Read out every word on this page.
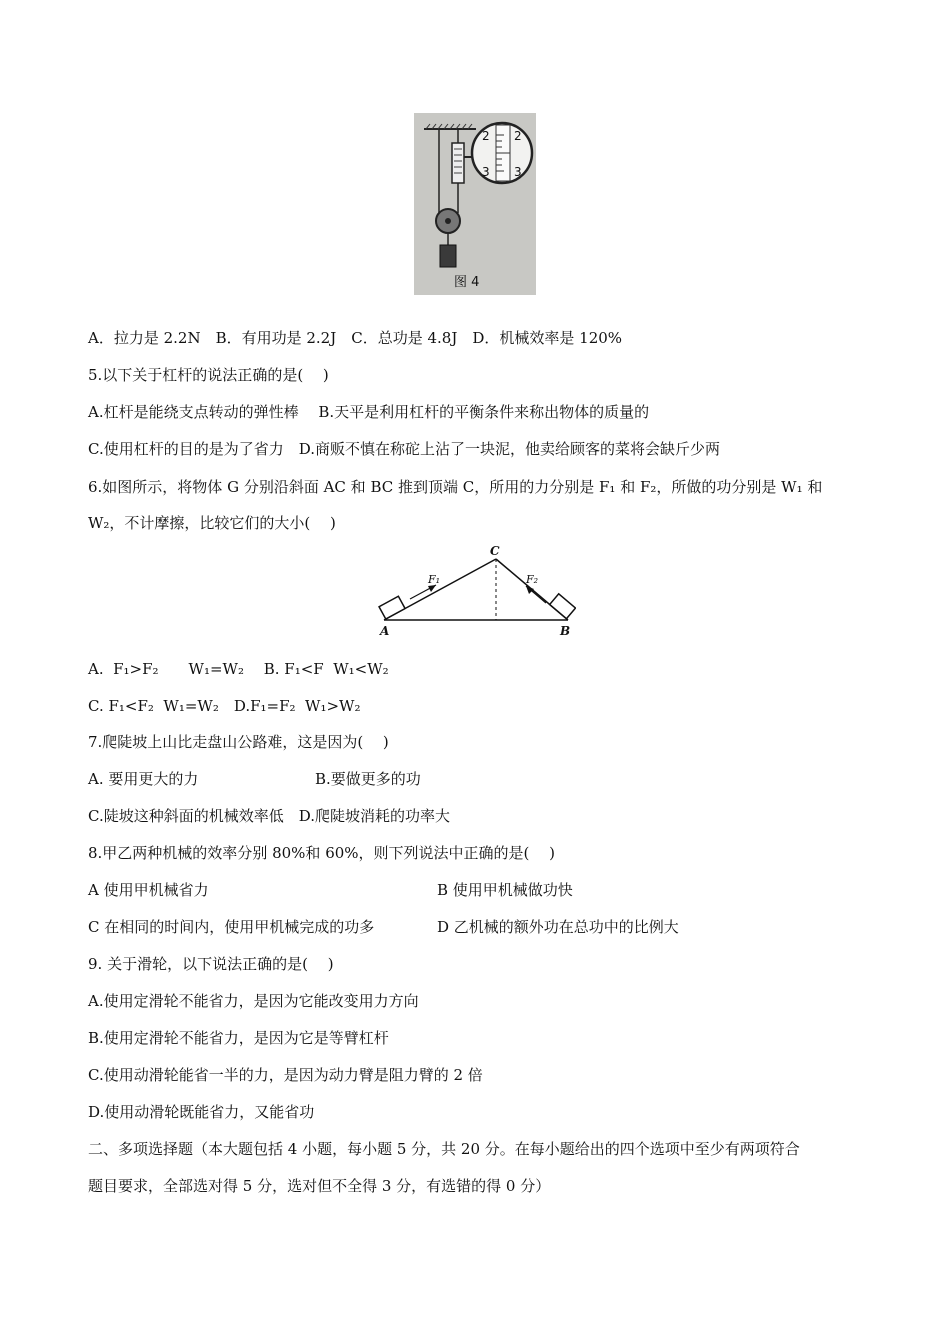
2 2
3 3
图 4
A．拉力是 2.2N　B．有用功是 2.2J　C．总功是 4.8J　D．机械效率是 120%
5.以下关于杠杆的说法正确的是(　 )
A.杠杆是能绕支点转动的弹性棒　 B.天平是利用杠杆的平衡条件来称出物体的质量的
C.使用杠杆的目的是为了省力　D.商贩不慎在称砣上沾了一块泥，他卖给顾客的菜将会缺斤少两
6.如图所示，将物体 G 分别沿斜面 AC 和 BC 推到顶端 C，所用的力分别是 F₁ 和 F₂，所做的功分别是 W₁ 和
W₂，不计摩擦，比较它们的大小(　 )
A	B
C
F₁	F₂
A.  F₁>F₂　　W₁=W₂　 B. F₁<F  W₁<W₂
C. F₁<F₂  W₁=W₂　D.F₁=F₂  W₁>W₂
7.爬陡坡上山比走盘山公路难，这是因为(　 )
A. 要用更大的力	B.要做更多的功
C.陡坡这种斜面的机械效率低　D.爬陡坡消耗的功率大
8.甲乙两种机械的效率分别 80%和 60%，则下列说法中正确的是(　 )
A 使用甲机械省力	B 使用甲机械做功快
C 在相同的时间内，使用甲机械完成的功多	D 乙机械的额外功在总功中的比例大
9. 关于滑轮，以下说法正确的是(　 )
A.使用定滑轮不能省力，是因为它能改变用力方向
B.使用定滑轮不能省力，是因为它是等臂杠杆
C.使用动滑轮能省一半的力，是因为动力臂是阻力臂的 2 倍
D.使用动滑轮既能省力，又能省功
二、多项选择题（本大题包括 4 小题，每小题 5 分，共 20 分。在每小题给出的四个选项中至少有两项符合
题目要求，全部选对得 5 分，选对但不全得 3 分，有选错的得 0 分）
